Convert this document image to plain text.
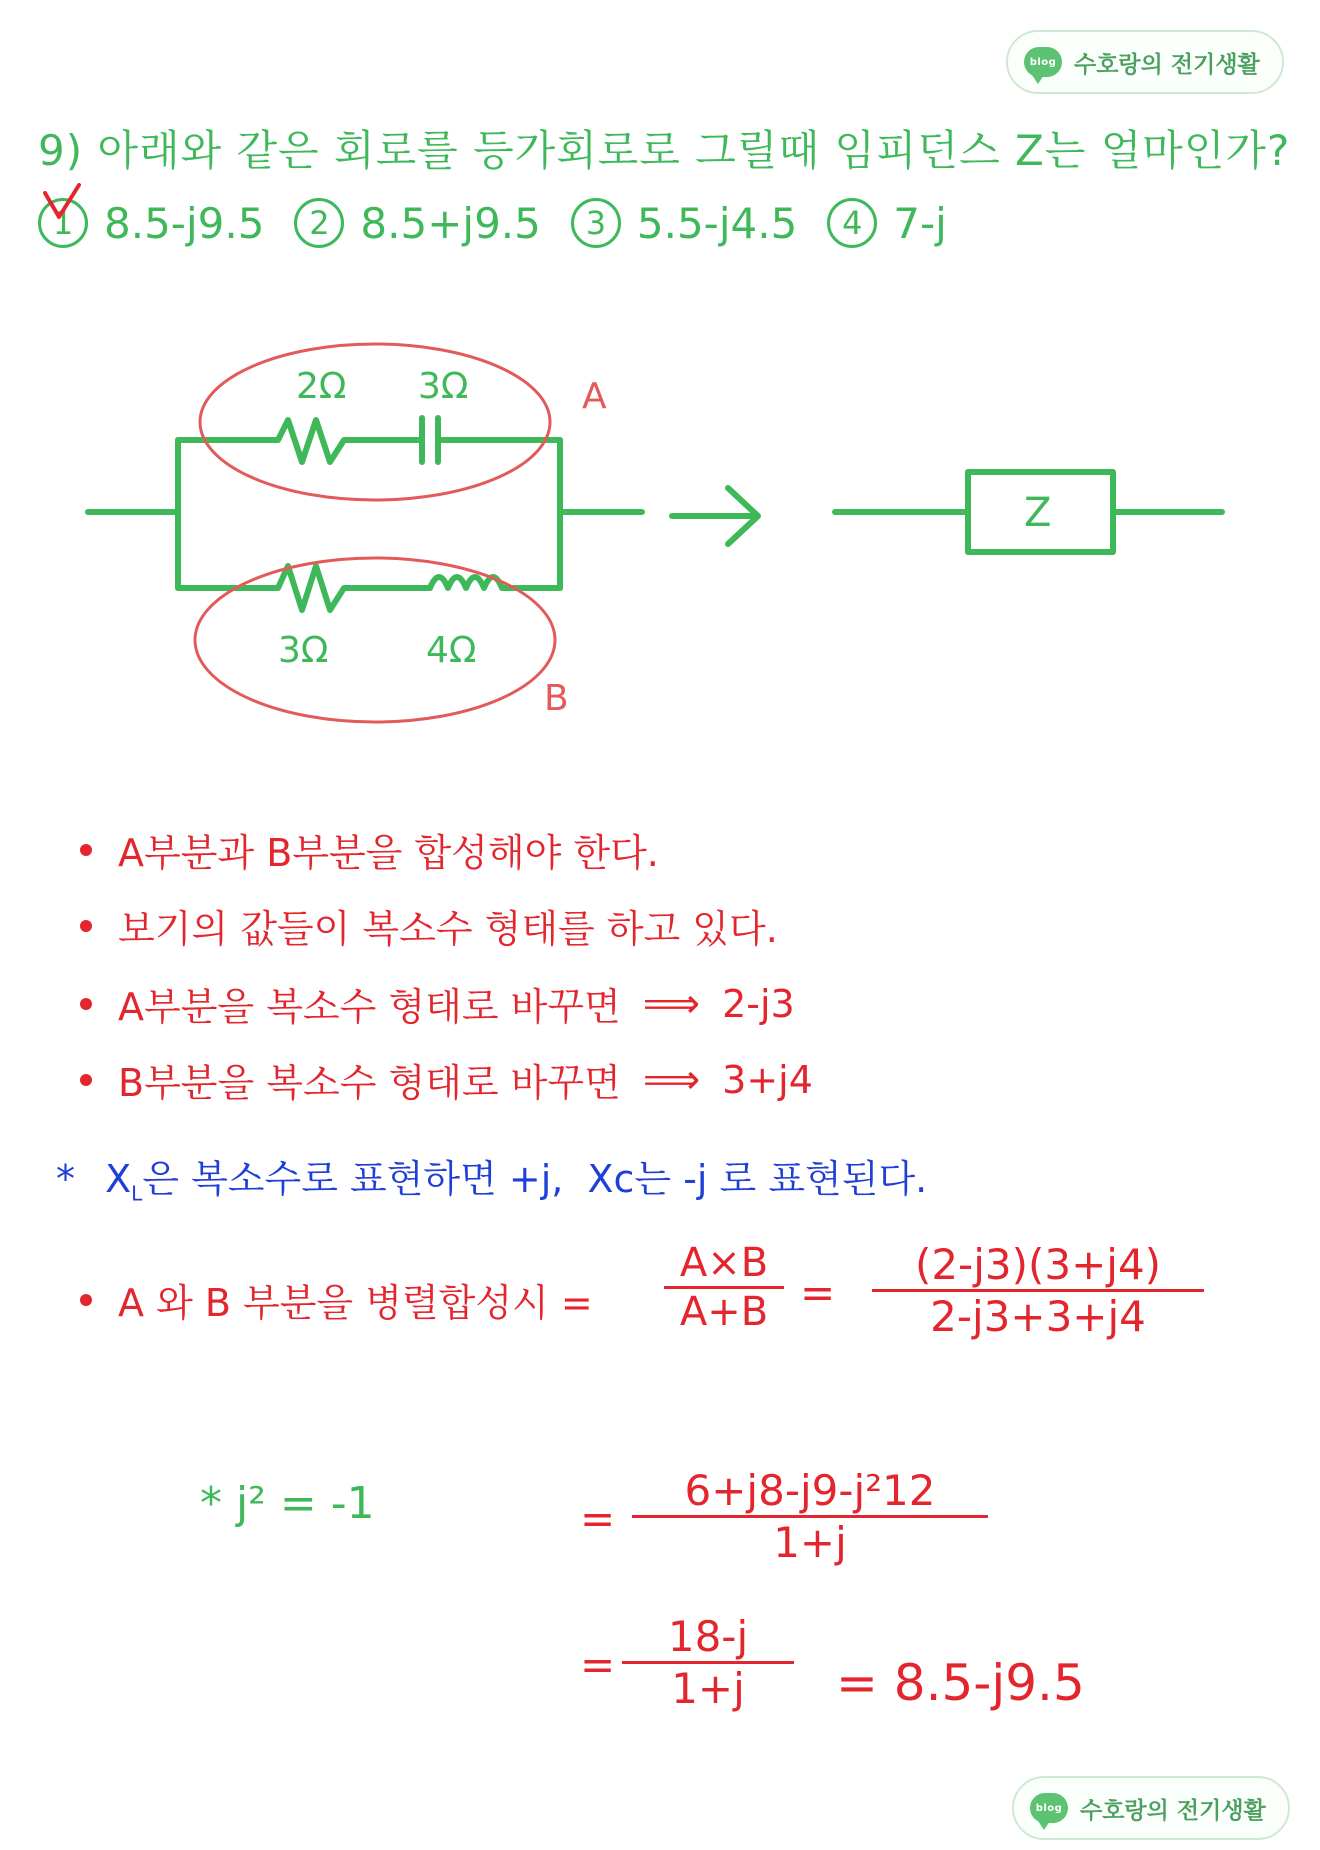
blog 수호랑의 전기생활
9) 아래와 같은 회로를 등가회로로 그릴때 임피던스 Z는 얼마인가?
1 8.5-j9.5 2 8.5+j9.5 3 5.5-j4.5 4 7-j
2Ω 3Ω	A
3Ω	4Ω
B
Z
A부분과 B부분을 합성해야 한다.
보기의 값들이 복소수 형태를 하고 있다.
A부분을 복소수 형태로 바꾸면 ⟹ 2-j3
B부분을 복소수 형태로 바꾸면 ⟹ 3+j4
* $X_L$은 복소수로 표현하면 +j, Xc는 -j 로 표현된다.
A 와 B 부분을 병렬합성시 =
A×B
A+B =
(2-j3)(3+j4)
2-j3+3+j4
* j² = -1	=
6+j8-j9-j²12
1+j
=
18-j
1+j	= 8.5-j9.5
blog 수호랑의 전기생활
